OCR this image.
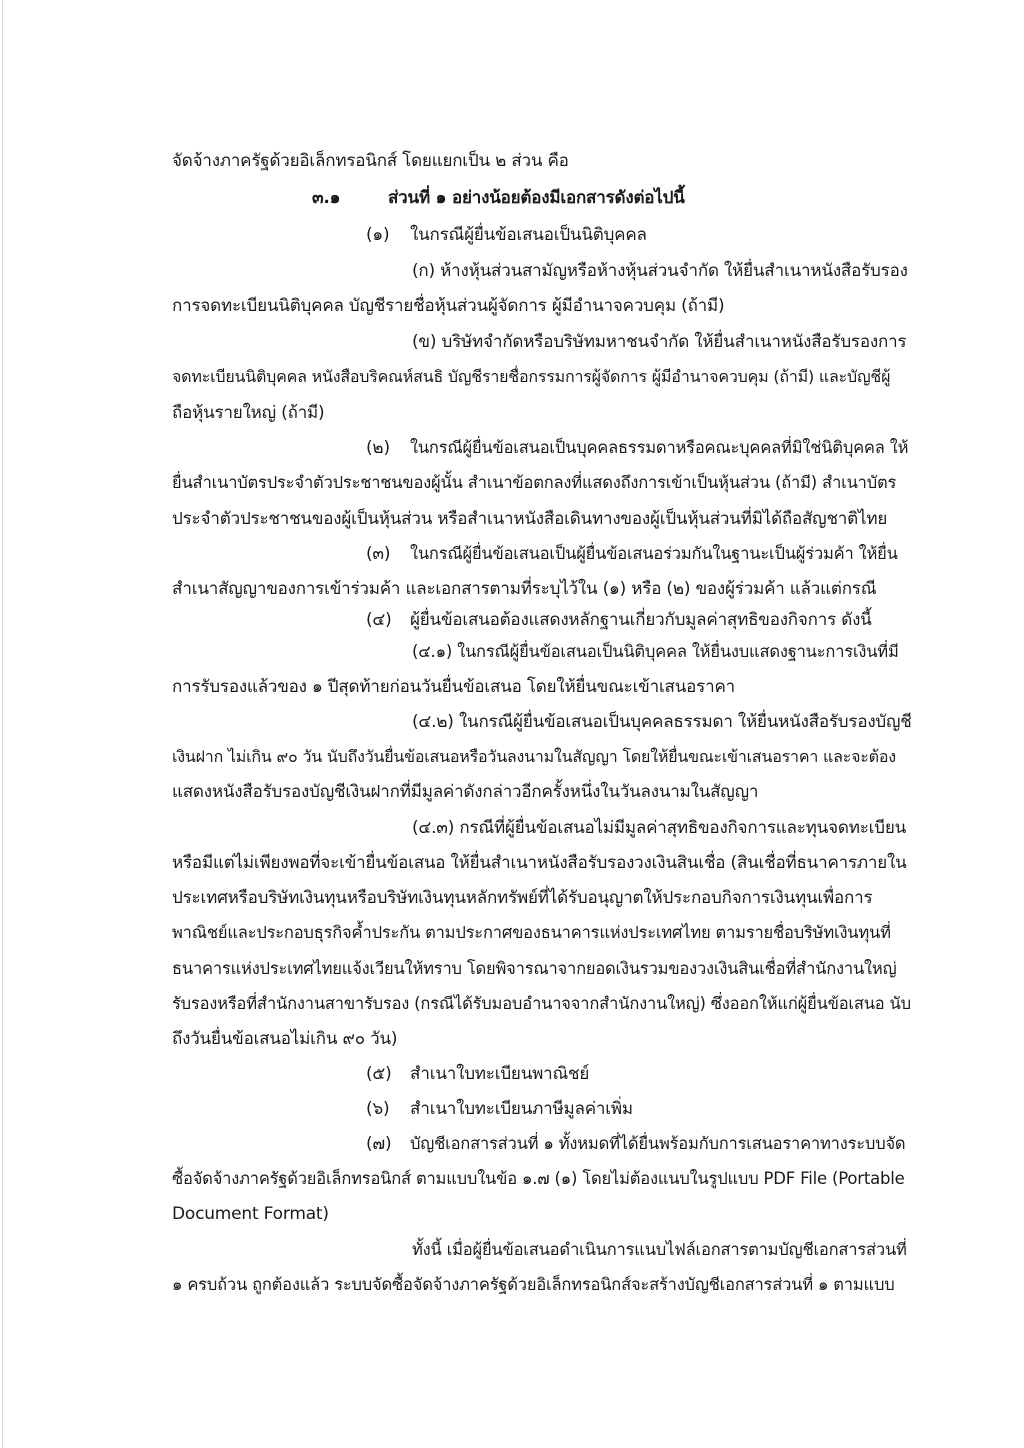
จัดจ้างภาครัฐด้วยอิเล็กทรอนิกส์ โดยแยกเป็น ๒ ส่วน คือ
๓.๑	ส่วนที่ ๑ อย่างน้อยต้องมีเอกสารดังต่อไปนี้
(๑) ในกรณีผู้ยื่นข้อเสนอเป็นนิติบุคคล
(ก) ห้างหุ้นส่วนสามัญหรือห้างหุ้นส่วนจำกัด ให้ยื่นสำเนาหนังสือรับรอง
การจดทะเบียนนิติบุคคล บัญชีรายชื่อหุ้นส่วนผู้จัดการ ผู้มีอำนาจควบคุม (ถ้ามี)
(ข) บริษัทจำกัดหรือบริษัทมหาชนจำกัด ให้ยื่นสำเนาหนังสือรับรองการ
จดทะเบียนนิติบุคคล หนังสือบริคณห์สนธิ บัญชีรายชื่อกรรมการผู้จัดการ ผู้มีอำนาจควบคุม (ถ้ามี) และบัญชีผู้
ถือหุ้นรายใหญ่ (ถ้ามี)
(๒) ในกรณีผู้ยื่นข้อเสนอเป็นบุคคลธรรมดาหรือคณะบุคคลที่มิใช่นิติบุคคล ให้
ยื่นสำเนาบัตรประจำตัวประชาชนของผู้นั้น สำเนาข้อตกลงที่แสดงถึงการเข้าเป็นหุ้นส่วน (ถ้ามี) สำเนาบัตร
ประจำตัวประชาชนของผู้เป็นหุ้นส่วน หรือสำเนาหนังสือเดินทางของผู้เป็นหุ้นส่วนที่มิได้ถือสัญชาติไทย
(๓) ในกรณีผู้ยื่นข้อเสนอเป็นผู้ยื่นข้อเสนอร่วมกันในฐานะเป็นผู้ร่วมค้า ให้ยื่น
สำเนาสัญญาของการเข้าร่วมค้า และเอกสารตามที่ระบุไว้ใน (๑) หรือ (๒) ของผู้ร่วมค้า แล้วแต่กรณี
(๔) ผู้ยื่นข้อเสนอต้องแสดงหลักฐานเกี่ยวกับมูลค่าสุทธิของกิจการ ดังนี้
(๔.๑) ในกรณีผู้ยื่นข้อเสนอเป็นนิติบุคคล ให้ยื่นงบแสดงฐานะการเงินที่มี
การรับรองแล้วของ ๑ ปีสุดท้ายก่อนวันยื่นข้อเสนอ โดยให้ยื่นขณะเข้าเสนอราคา
(๔.๒) ในกรณีผู้ยื่นข้อเสนอเป็นบุคคลธรรมดา ให้ยื่นหนังสือรับรองบัญชี
เงินฝาก ไม่เกิน ๙๐ วัน นับถึงวันยื่นข้อเสนอหรือวันลงนามในสัญญา โดยให้ยื่นขณะเข้าเสนอราคา และจะต้อง
แสดงหนังสือรับรองบัญชีเงินฝากที่มีมูลค่าดังกล่าวอีกครั้งหนึ่งในวันลงนามในสัญญา
(๔.๓) กรณีที่ผู้ยื่นข้อเสนอไม่มีมูลค่าสุทธิของกิจการและทุนจดทะเบียน
หรือมีแต่ไม่เพียงพอที่จะเข้ายื่นข้อเสนอ ให้ยื่นสำเนาหนังสือรับรองวงเงินสินเชื่อ (สินเชื่อที่ธนาคารภายใน
ประเทศหรือบริษัทเงินทุนหรือบริษัทเงินทุนหลักทรัพย์ที่ได้รับอนุญาตให้ประกอบกิจการเงินทุนเพื่อการ
พาณิชย์และประกอบธุรกิจค้ำประกัน ตามประกาศของธนาคารแห่งประเทศไทย ตามรายชื่อบริษัทเงินทุนที่
ธนาคารแห่งประเทศไทยแจ้งเวียนให้ทราบ โดยพิจารณาจากยอดเงินรวมของวงเงินสินเชื่อที่สำนักงานใหญ่
รับรองหรือที่สำนักงานสาขารับรอง (กรณีได้รับมอบอำนาจจากสำนักงานใหญ่) ซึ่งออกให้แก่ผู้ยื่นข้อเสนอ นับ
ถึงวันยื่นข้อเสนอไม่เกิน ๙๐ วัน)
(๕) สำเนาใบทะเบียนพาณิชย์
(๖) สำเนาใบทะเบียนภาษีมูลค่าเพิ่ม
(๗) บัญชีเอกสารส่วนที่ ๑ ทั้งหมดที่ได้ยื่นพร้อมกับการเสนอราคาทางระบบจัด
ซื้อจัดจ้างภาครัฐด้วยอิเล็กทรอนิกส์ ตามแบบในข้อ ๑.๗ (๑) โดยไม่ต้องแนบในรูปแบบ PDF File (Portable
Document Format)
ทั้งนี้ เมื่อผู้ยื่นข้อเสนอดำเนินการแนบไฟล์เอกสารตามบัญชีเอกสารส่วนที่
๑ ครบถ้วน ถูกต้องแล้ว ระบบจัดซื้อจัดจ้างภาครัฐด้วยอิเล็กทรอนิกส์จะสร้างบัญชีเอกสารส่วนที่ ๑ ตามแบบ
